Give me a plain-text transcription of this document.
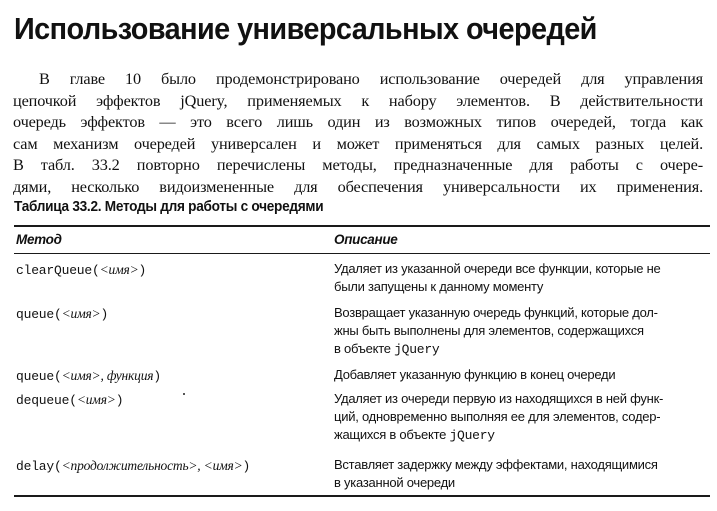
Использование универсальных очередей
В главе 10 было продемонстрировано использование очередей для управления
цепочкой эффектов jQuery, применяемых к набору элементов. В действительности
очередь эффектов — это всего лишь один из возможных типов очередей, тогда как
сам механизм очередей универсален и может применяться для самых разных целей.
В табл. 33.2 повторно перечислены методы, предназначенные для работы с очере-
дями, несколько видоизмененные для обеспечения универсальности их применения.
Таблица 33.2. Методы для работы с очередями
Метод	Описание
clearQueue(<имя>)	Удаляет из указанной очереди все функции, которые не
были запущены к данному моменту
queue(<имя>)	Возвращает указанную очередь функций, которые дол-
жны быть выполнены для элементов, содержащихся
в объекте jQuery
queue(<имя>, функция)	Добавляет указанную функцию в конец очереди
dequeue(<имя>)	Удаляет из очереди первую из находящихся в ней функ-
ций, одновременно выполняя ее для элементов, содер-
жащихся в объекте jQuery
delay(<продолжительность>, <имя>)	Вставляет задержку между эффектами, находящимися
в указанной очереди
